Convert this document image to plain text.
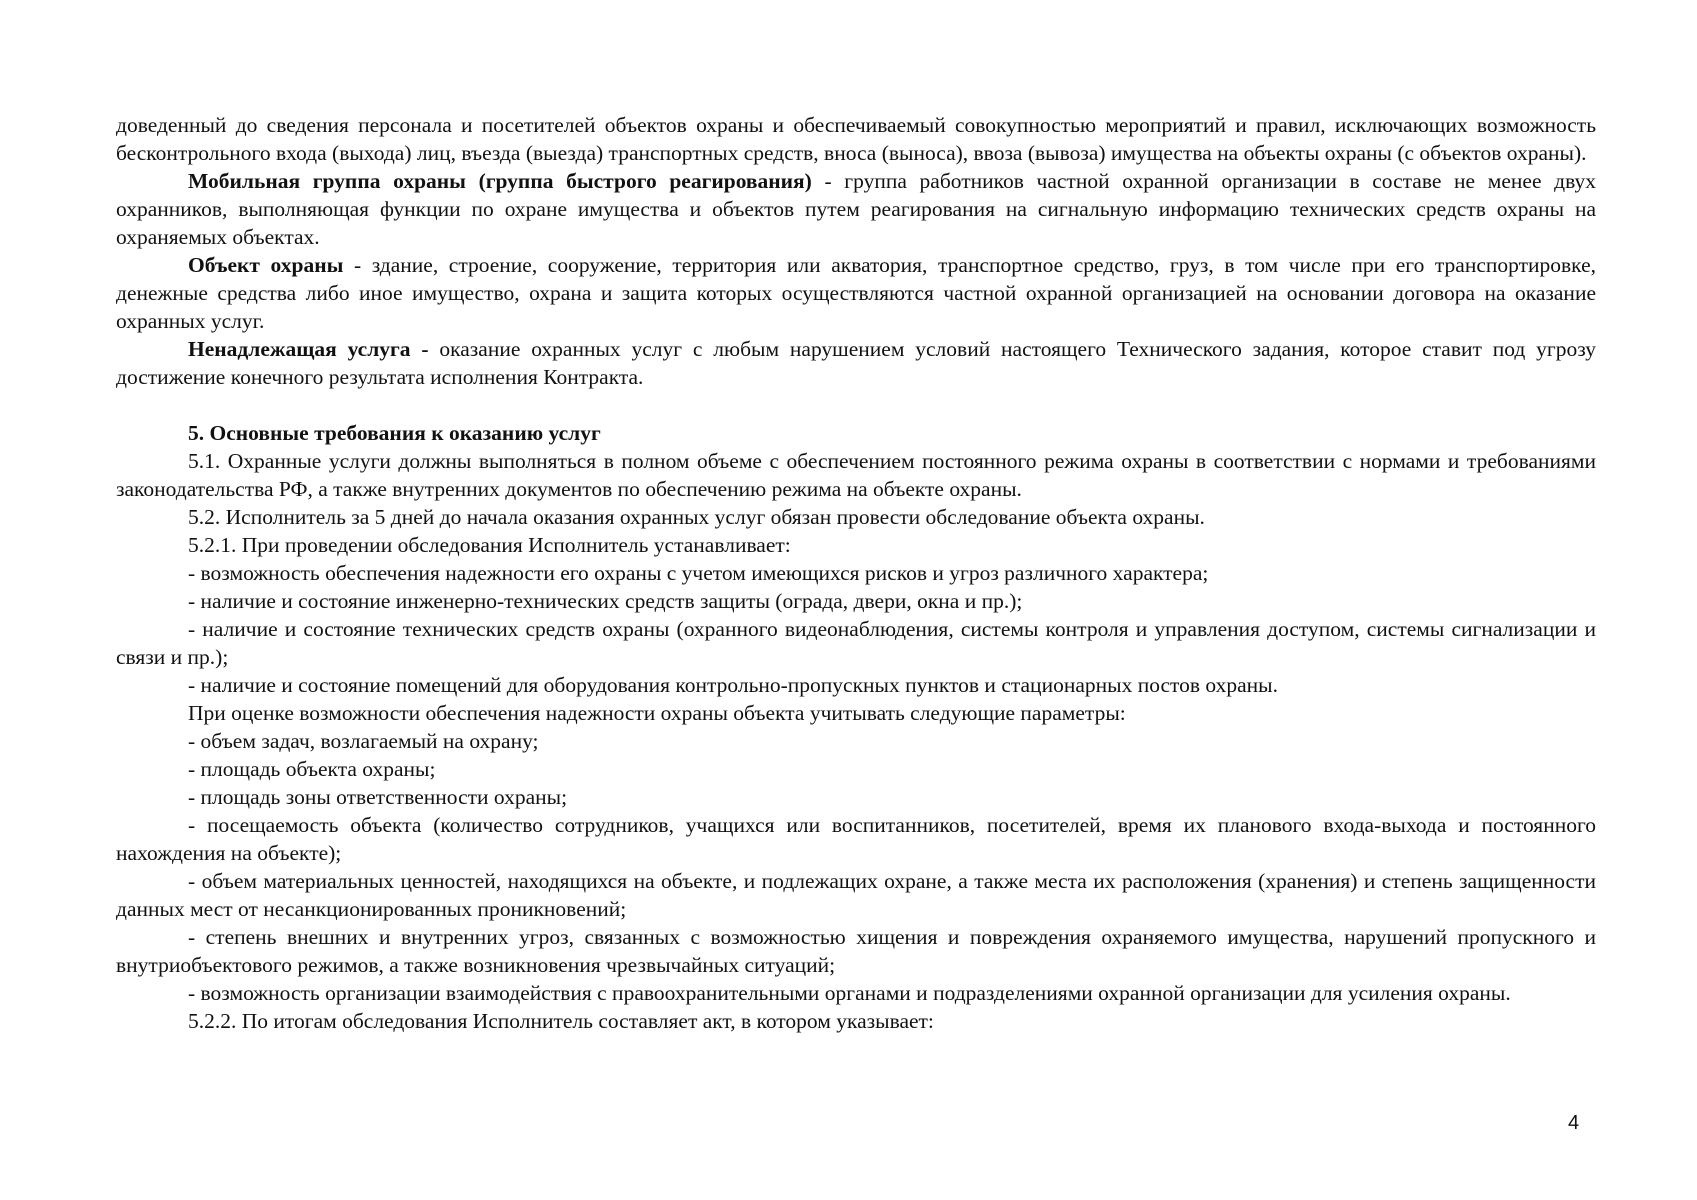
доведенный до сведения персонала и посетителей объектов охраны и обеспечиваемый совокупностью мероприятий и правил, исключающих возможность бесконтрольного входа (выхода) лиц, въезда (выезда) транспортных средств, вноса (выноса), ввоза (вывоза) имущества на объекты охраны (с объектов охраны).

Мобильная группа охраны (группа быстрого реагирования) - группа работников частной охранной организации в составе не менее двух охранников, выполняющая функции по охране имущества и объектов путем реагирования на сигнальную информацию технических средств охраны на охраняемых объектах.

Объект охраны - здание, строение, сооружение, территория или акватория, транспортное средство, груз, в том числе при его транспортировке, денежные средства либо иное имущество, охрана и защита которых осуществляются частной охранной организацией на основании договора на оказание охранных услуг.

Ненадлежащая услуга - оказание охранных услуг с любым нарушением условий настоящего Технического задания, которое ставит под угрозу достижение конечного результата исполнения Контракта.

5. Основные требования к оказанию услуг

5.1. Охранные услуги должны выполняться в полном объеме с обеспечением постоянного режима охраны в соответствии с нормами и требованиями законодательства РФ, а также внутренних документов по обеспечению режима на объекте охраны.

5.2. Исполнитель за 5 дней до начала оказания охранных услуг обязан провести обследование объекта охраны.

5.2.1. При проведении обследования Исполнитель устанавливает:

- возможность обеспечения надежности его охраны с учетом имеющихся рисков и угроз различного характера;

- наличие и состояние инженерно-технических средств защиты (ограда, двери, окна и пр.);

- наличие и состояние технических средств охраны (охранного видеонаблюдения, системы контроля и управления доступом, системы сигнализации и связи и пр.);

- наличие и состояние помещений для оборудования контрольно-пропускных пунктов и стационарных постов охраны.

При оценке возможности обеспечения надежности охраны объекта учитывать следующие параметры:

- объем задач, возлагаемый на охрану;

- площадь объекта охраны;

- площадь зоны ответственности охраны;

- посещаемость объекта (количество сотрудников, учащихся или воспитанников, посетителей, время их планового входа-выхода и постоянного нахождения на объекте);

- объем материальных ценностей, находящихся на объекте, и подлежащих охране, а также места их расположения (хранения) и степень защищенности данных мест от несанкционированных проникновений;

- степень внешних и внутренних угроз, связанных с возможностью хищения и повреждения охраняемого имущества, нарушений пропускного и внутриобъектового режимов, а также возникновения чрезвычайных ситуаций;

- возможность организации взаимодействия с правоохранительными органами и подразделениями охранной организации для усиления охраны.

5.2.2. По итогам обследования Исполнитель составляет акт, в котором указывает:

4
